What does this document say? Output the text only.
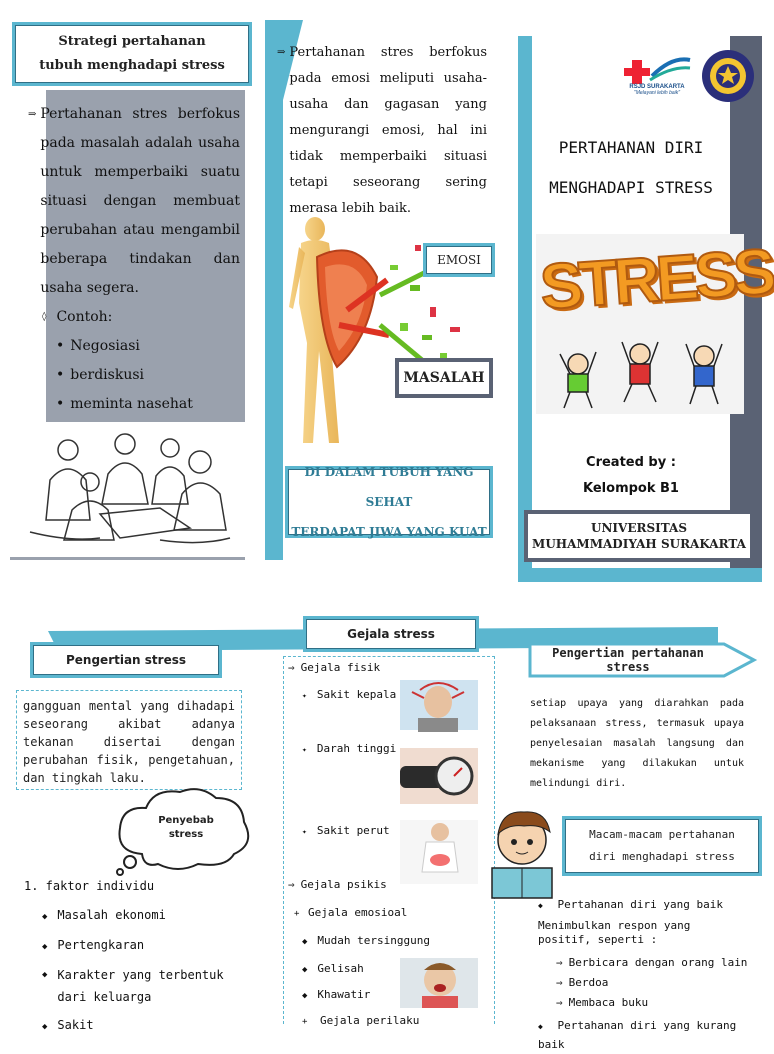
Strategi pertahanan tubuh menghadapi stress
⇒ Pertahanan stres berfokus pada masalah adalah usaha untuk memperbaiki suatu situasi dengan membuat perubahan atau mengambil beberapa tindakan dan usaha segera.
◊ Contoh:
• Negosiasi
• berdiskusi
• meminta nasehat
⇒ Pertahanan stres berfokus pada emosi meliputi usaha-usaha dan gagasan yang mengurangi emosi, hal ini tidak memperbaiki situasi tetapi seseorang sering merasa lebih baik.
EMOSI
MASALAH
DI DALAM TUBUH YANG SEHAT
TERDAPAT JIWA YANG KUAT
RSJD SURAKARTA
"Melayani lebih baik"
PERTAHANAN DIRI
MENGHADAPI STRESS
STRESS
Created by :
Kelompok B1
UNIVERSITAS MUHAMMADIYAH SURAKARTA
Gejala stress
Pengertian stress
gangguan mental yang dihadapi seseorang akibat adanya tekanan disertai dengan perubahan fisik, pengetahuan, dan tingkah laku.
Penyebab stress
1. faktor individu
◆ Masalah ekonomi
◆ Pertengkaran
◆ Karakter yang terbentuk dari keluarga
◆ Sakit
⇒ Gejala fisik
✦ Sakit kepala
✦ Darah tinggi
✦ Sakit perut
⇒ Gejala psikis
+ Gejala emosioal
◆ Mudah tersinggung
◆ Gelisah
◆ Khawatir
+ Gejala perilaku
Pengertian pertahanan stress
setiap upaya yang diarahkan pada pelaksanaan stress, termasuk upaya penyelesaian masalah langsung dan mekanisme yang dilakukan untuk melindungi diri.
Macam-macam pertahanan diri menghadapi stress
◆ Pertahanan diri yang baik
Menimbulkan respon yang positif, seperti :
⇒ Berbicara dengan orang lain
⇒ Berdoa
⇒ Membaca buku
◆ Pertahanan diri yang kurang baik
